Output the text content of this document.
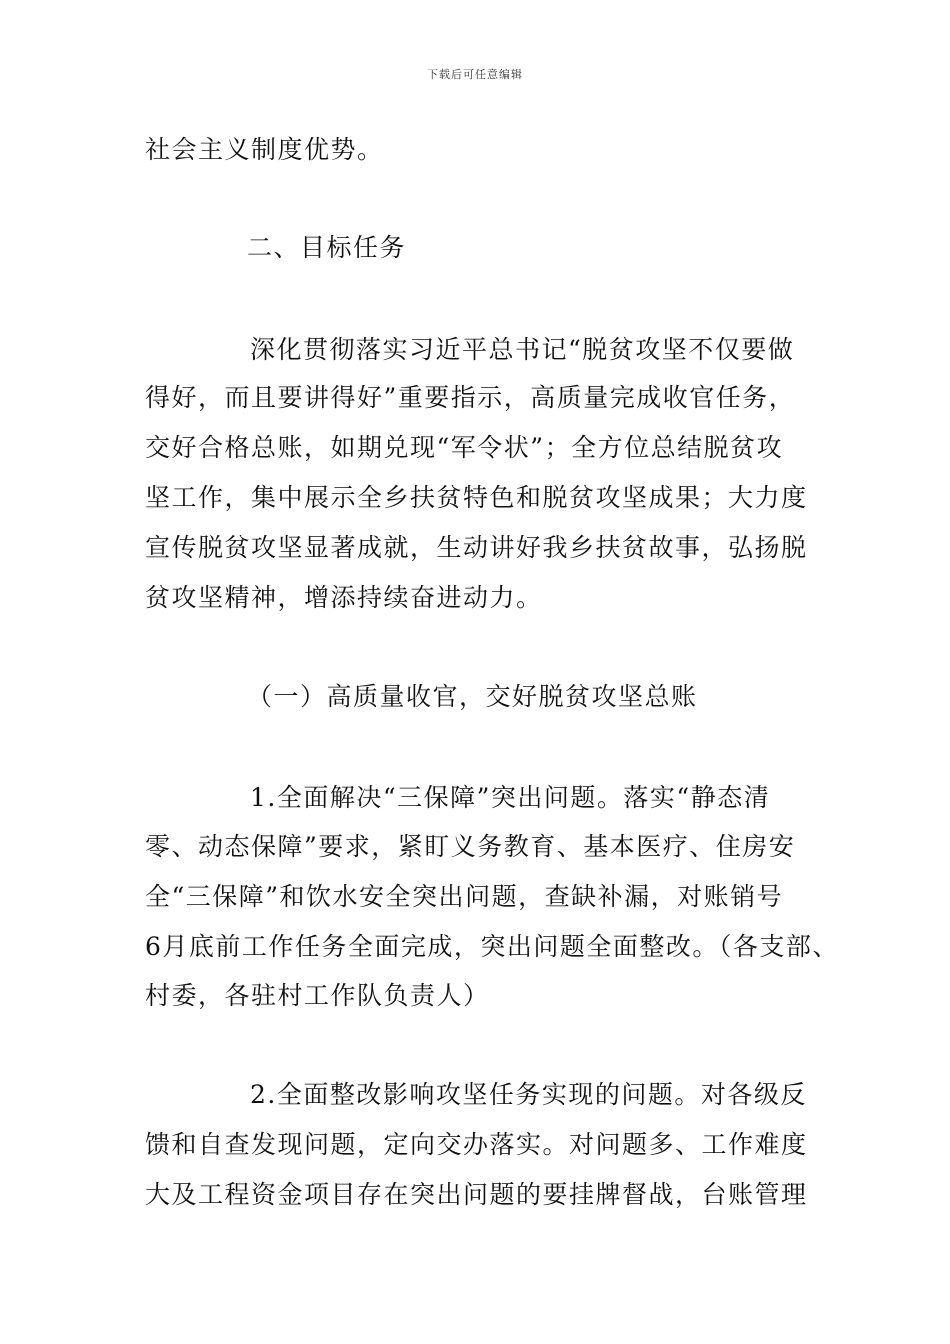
下载后可任意编辑
社会主义制度优势。
二、目标任务
深化贯彻落实习近平总书记“脱贫攻坚不仅要做
得好，而且要讲得好”重要指示，高质量完成收官任务，
交好合格总账，如期兑现“军令状”；全方位总结脱贫攻
坚工作，集中展示全乡扶贫特色和脱贫攻坚成果；大力度
宣传脱贫攻坚显著成就，生动讲好我乡扶贫故事，弘扬脱
贫攻坚精神，增添持续奋进动力。
（一）高质量收官，交好脱贫攻坚总账
1.全面解决“三保障”突出问题。落实“静态清
零、动态保障”要求，紧盯义务教育、基本医疗、住房安
全“三保障”和饮水安全突出问题，查缺补漏，对账销号
6月底前工作任务全面完成，突出问题全面整改。（各支部、
村委，各驻村工作队负责人）
2.全面整改影响攻坚任务实现的问题。对各级反
馈和自查发现问题，定向交办落实。对问题多、工作难度
大及工程资金项目存在突出问题的要挂牌督战，台账管理
